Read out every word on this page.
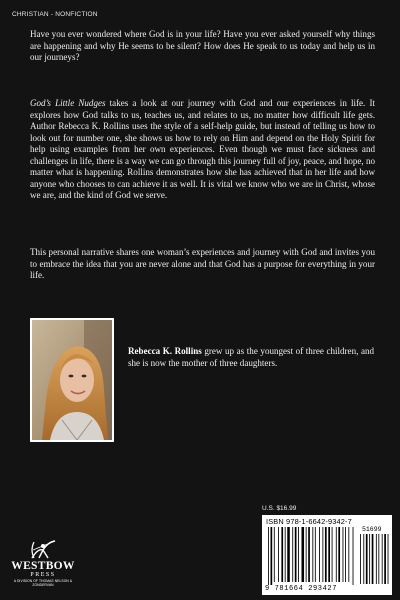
CHRISTIAN - NONFICTION

Have you ever wondered where God is in your life? Have you ever asked yourself why things are happening and why He seems to be silent? How does He speak to us today and help us in our journeys?

God’s Little Nudges takes a look at our journey with God and our experiences in life. It explores how God talks to us, teaches us, and relates to us, no matter how difficult life gets. Author Rebecca K. Rollins uses the style of a self-help guide, but instead of telling us how to look out for number one, she shows us how to rely on Him and depend on the Holy Spirit for help using examples from her own experiences. Even though we must face sickness and challenges in life, there is a way we can go through this journey full of joy, peace, and hope, no matter what is happening. Rollins demonstrates how she has achieved that in her life and how anyone who chooses to can achieve it as well. It is vital we know who we are in Christ, whose we are, and the kind of God we serve.

This personal narrative shares one woman’s experiences and journey with God and invites you to embrace the idea that you are never alone and that God has a purpose for everything in your life.

Rebecca K. Rollins grew up as the youngest of three children, and she is now the mother of three daughters.

WESTBOW
PRESS
A DIVISION OF THOMAS NELSON & ZONDERVAN
U.S. $16.99
ISBN 978-1-6642-9342-7
51699
9 781664 293427
